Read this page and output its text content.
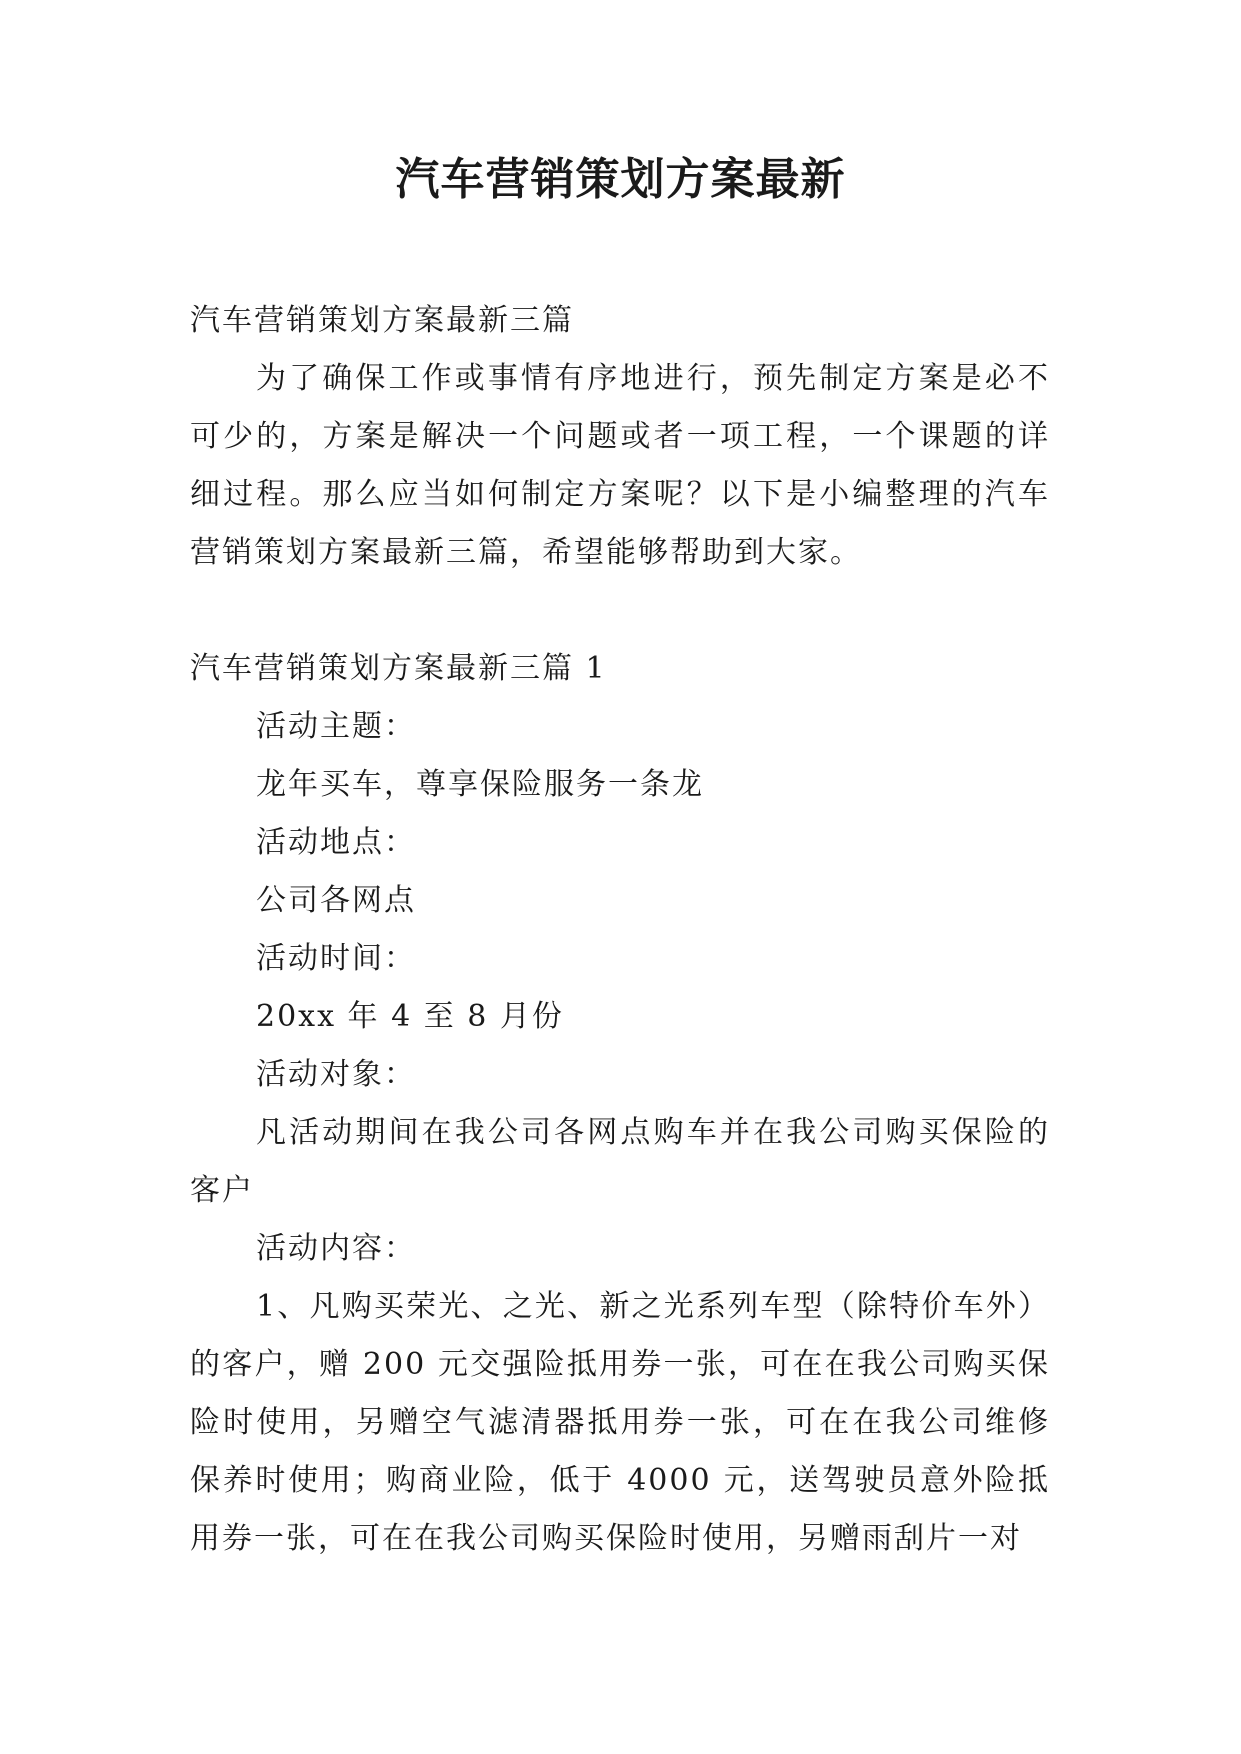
汽车营销策划方案最新

汽车营销策划方案最新三篇

为了确保工作或事情有序地进行，预先制定方案是必不可少的，方案是解决一个问题或者一项工程，一个课题的详细过程。那么应当如何制定方案呢？以下是小编整理的汽车营销策划方案最新三篇，希望能够帮助到大家。

汽车营销策划方案最新三篇 1

活动主题：

龙年买车，尊享保险服务一条龙

活动地点：

公司各网点

活动时间：

20xx 年 4 至 8 月份

活动对象：

凡活动期间在我公司各网点购车并在我公司购买保险的客户

活动内容：

1、凡购买荣光、之光、新之光系列车型（除特价车外）的客户，赠 200 元交强险抵用券一张，可在在我公司购买保险时使用，另赠空气滤清器抵用券一张，可在在我公司维修保养时使用；购商业险，低于 4000 元，送驾驶员意外险抵用券一张，可在在我公司购买保险时使用，另赠雨刮片一对
